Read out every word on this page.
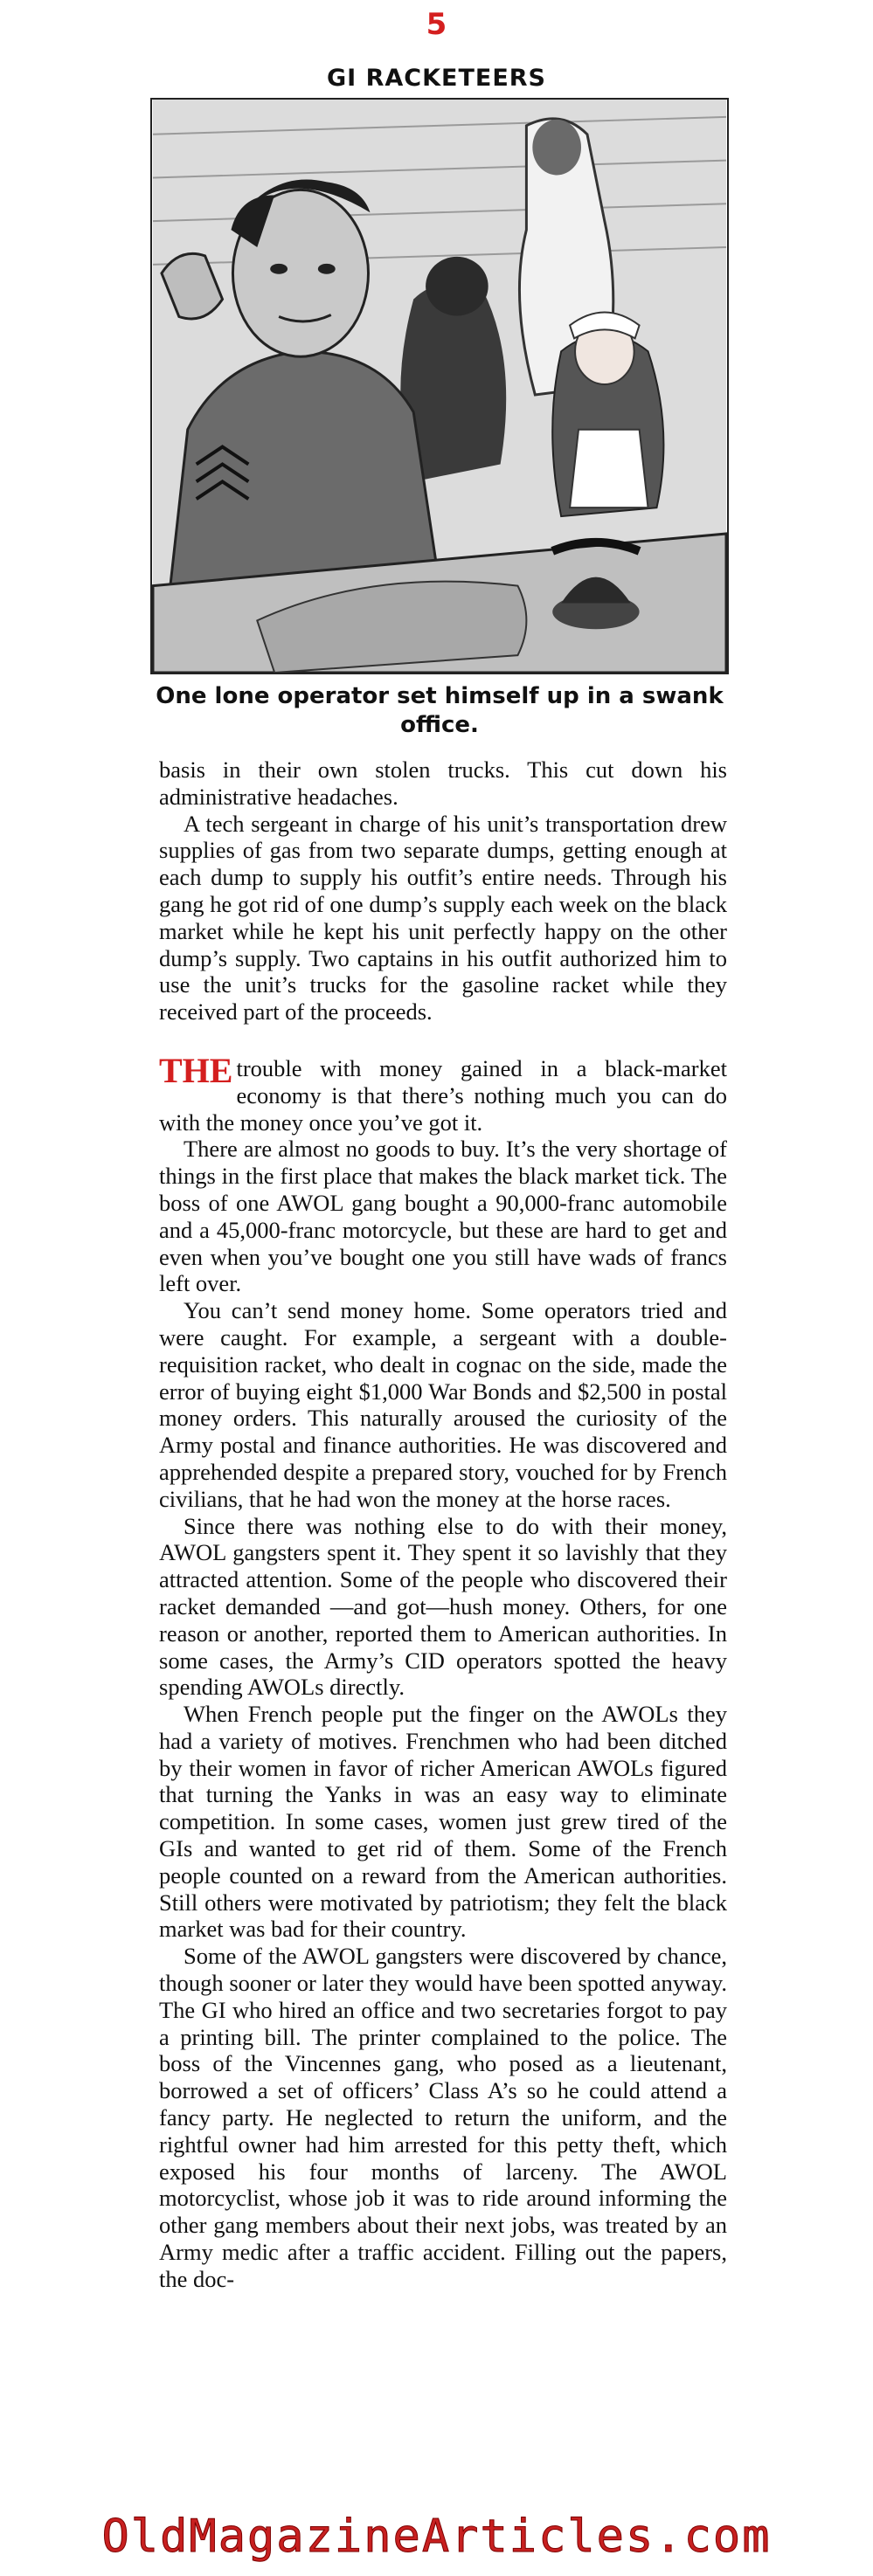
5
GI RACKETEERS
One lone operator set himself up in a swank office.

basis in their own stolen trucks. This cut down his administrative headaches.

A tech sergeant in charge of his unit’s transportation drew supplies of gas from two separate dumps, getting enough at each dump to supply his outfit’s entire needs. Through his gang he got rid of one dump’s supply each week on the black market while he kept his unit perfectly happy on the other dump’s supply. Two captains in his outfit authorized him to use the unit’s trucks for the gasoline racket while they received part of the proceeds.

THE trouble with money gained in a black-market economy is that there’s nothing much you can do with the money once you’ve got it.

There are almost no goods to buy. It’s the very shortage of things in the first place that makes the black market tick. The boss of one AWOL gang bought a 90,000-franc automobile and a 45,000-franc motorcycle, but these are hard to get and even when you’ve bought one you still have wads of francs left over.

You can’t send money home. Some operators tried and were caught. For example, a sergeant with a double-requisition racket, who dealt in cognac on the side, made the error of buying eight $1,000 War Bonds and $2,500 in postal money orders. This naturally aroused the curiosity of the Army postal and finance authorities. He was discovered and apprehended despite a prepared story, vouched for by French civilians, that he had won the money at the horse races.

Since there was nothing else to do with their money, AWOL gangsters spent it. They spent it so lavishly that they attracted attention. Some of the people who discovered their racket demanded —and got—hush money. Others, for one reason or another, reported them to American authorities. In some cases, the Army’s CID operators spotted the heavy spending AWOLs directly.

When French people put the finger on the AWOLs they had a variety of motives. Frenchmen who had been ditched by their women in favor of richer American AWOLs figured that turning the Yanks in was an easy way to eliminate competition. In some cases, women just grew tired of the GIs and wanted to get rid of them. Some of the French people counted on a reward from the American authorities. Still others were motivated by patriotism; they felt the black market was bad for their country.

Some of the AWOL gangsters were discovered by chance, though sooner or later they would have been spotted anyway. The GI who hired an office and two secretaries forgot to pay a printing bill. The printer complained to the police. The boss of the Vincennes gang, who posed as a lieutenant, borrowed a set of officers’ Class A’s so he could attend a fancy party. He neglected to return the uniform, and the rightful owner had him arrested for this petty theft, which exposed his four months of larceny. The AWOL motorcyclist, whose job it was to ride around informing the other gang members about their next jobs, was treated by an Army medic after a traffic accident. Filling out the papers, the doc-

OldMagazineArticles.com
